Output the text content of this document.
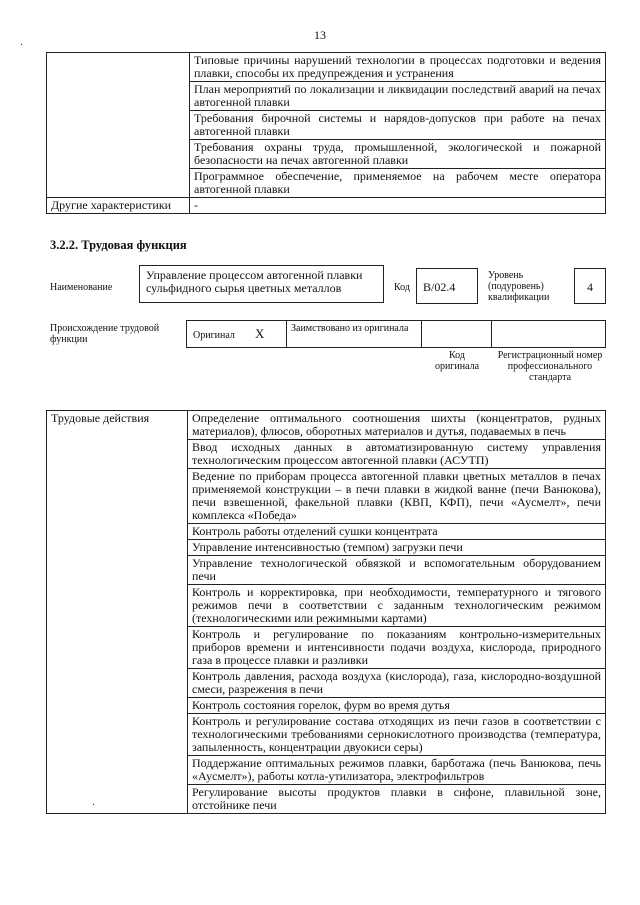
13
	Типовые причины нарушений технологии в процессах подготовки и ведения плавки, способы их предупреждения и устранения
	План мероприятий по локализации и ликвидации последствий аварий на печах автогенной плавки
	Требования бирочной системы и нарядов-допусков при работе на печах автогенной плавки
	Требования охраны труда, промышленной, экологической и пожарной безопасности на печах автогенной плавки
	Программное обеспечение, применяемое на рабочем месте оператора автогенной плавки
Другие характеристики	-
3.2.2. Трудовая функция
Наименование
Управление процессом автогенной плавки сульфидного сырья цветных металлов	Код	В/02.4
Уровень (подуровень) квалификации
4
Происхождение трудовой функции	Оригинал X	Заимствовано из оригинала
Код оригинала
Регистрационный номер профессионального стандарта
Трудовые действия	Определение оптимального соотношения шихты (концентратов, рудных материалов), флюсов, оборотных материалов и дутья, подаваемых в печь
Ввод исходных данных в автоматизированную систему управления технологическим процессом автогенной плавки (АСУТП)
Ведение по приборам процесса автогенной плавки цветных металлов в печах применяемой конструкции – в печи плавки в жидкой ванне (печи Ванюкова), печи взвешенной, факельной плавки (КВП, КФП), печи «Аусмелт», печи комплекса «Победа»
Контроль работы отделений сушки концентрата
Управление интенсивностью (темпом) загрузки печи
Управление технологической обвязкой и вспомогательным оборудованием печи
Контроль и корректировка, при необходимости, температурного и тягового режимов печи в соответствии с заданным технологическим режимом (технологическими или режимными картами)
Контроль и регулирование по показаниям контрольно-измерительных приборов времени и интенсивности подачи воздуха, кислорода, природного газа в процессе плавки и разливки
Контроль давления, расхода воздуха (кислорода), газа, кислородно-воздушной смеси, разрежения в печи
Контроль состояния горелок, фурм во время дутья
Контроль и регулирование состава отходящих из печи газов в соответствии с технологическими требованиями сернокислотного производства (температура, запыленность, концентрации двуокиси серы)
Поддержание оптимальных режимов плавки, барботажа (печь Ванюкова, печь «Аусмелт»), работы котла-утилизатора, электрофильтров
Регулирование высоты продуктов плавки в сифоне, плавильной зоне, отстойнике печи
·
·
